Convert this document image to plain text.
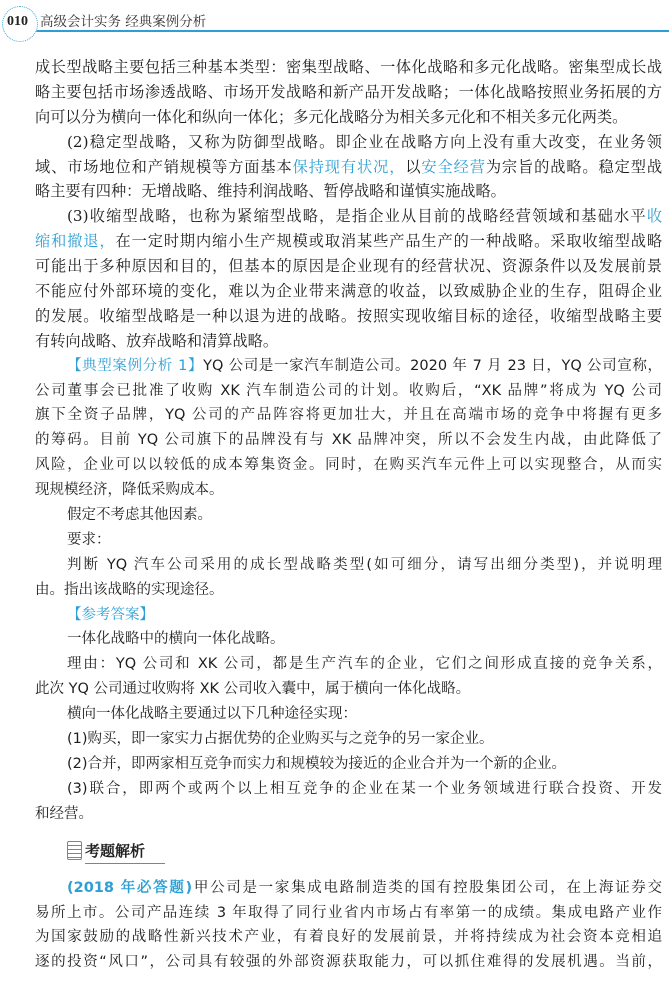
010 高级会计实务 经典案例分析
成长型战略主要包括三种基本类型：密集型战略、一体化战略和多元化战略。密集型成长战
略主要包括市场渗透战略、市场开发战略和新产品开发战略；一体化战略按照业务拓展的方
向可以分为横向一体化和纵向一体化；多元化战略分为相关多元化和不相关多元化两类。
(2)稳定型战略，又称为防御型战略。即企业在战略方向上没有重大改变，在业务领
域、市场地位和产销规模等方面基本保持现有状况，以安全经营为宗旨的战略。稳定型战
略主要有四种：无增战略、维持利润战略、暂停战略和谨慎实施战略。
(3)收缩型战略，也称为紧缩型战略，是指企业从目前的战略经营领域和基础水平收
缩和撤退，在一定时期内缩小生产规模或取消某些产品生产的一种战略。采取收缩型战略
可能出于多种原因和目的，但基本的原因是企业现有的经营状况、资源条件以及发展前景
不能应付外部环境的变化，难以为企业带来满意的收益，以致威胁企业的生存，阻碍企业
的发展。收缩型战略是一种以退为进的战略。按照实现收缩目标的途径，收缩型战略主要
有转向战略、放弃战略和清算战略。
【典型案例分析 1】YQ 公司是一家汽车制造公司。2020 年 7 月 23 日，YQ 公司宣称，
公司董事会已批准了收购 XK 汽车制造公司的计划。收购后，“XK 品牌”将成为 YQ 公司
旗下全资子品牌，YQ 公司的产品阵容将更加壮大，并且在高端市场的竞争中将握有更多
的筹码。目前 YQ 公司旗下的品牌没有与 XK 品牌冲突，所以不会发生内战，由此降低了
风险，企业可以以较低的成本筹集资金。同时，在购买汽车元件上可以实现整合，从而实
现规模经济，降低采购成本。
假定不考虑其他因素。
要求：
判断 YQ 汽车公司采用的成长型战略类型(如可细分，请写出细分类型)，并说明理
由。指出该战略的实现途径。
【参考答案】
一体化战略中的横向一体化战略。
理由：YQ 公司和 XK 公司，都是生产汽车的企业，它们之间形成直接的竞争关系，
此次 YQ 公司通过收购将 XK 公司收入囊中，属于横向一体化战略。
横向一体化战略主要通过以下几种途径实现：
(1)购买，即一家实力占据优势的企业购买与之竞争的另一家企业。
(2)合并，即两家相互竞争而实力和规模较为接近的企业合并为一个新的企业。
(3)联合，即两个或两个以上相互竞争的企业在某一个业务领域进行联合投资、开发
和经营。
考题解析
(2018 年必答题)甲公司是一家集成电路制造类的国有控股集团公司，在上海证券交
易所上市。公司产品连续 3 年取得了同行业省内市场占有率第一的成绩。集成电路产业作
为国家鼓励的战略性新兴技术产业，有着良好的发展前景，并将持续成为社会资本竞相追
逐的投资“风口”，公司具有较强的外部资源获取能力，可以抓住难得的发展机遇。当前，
